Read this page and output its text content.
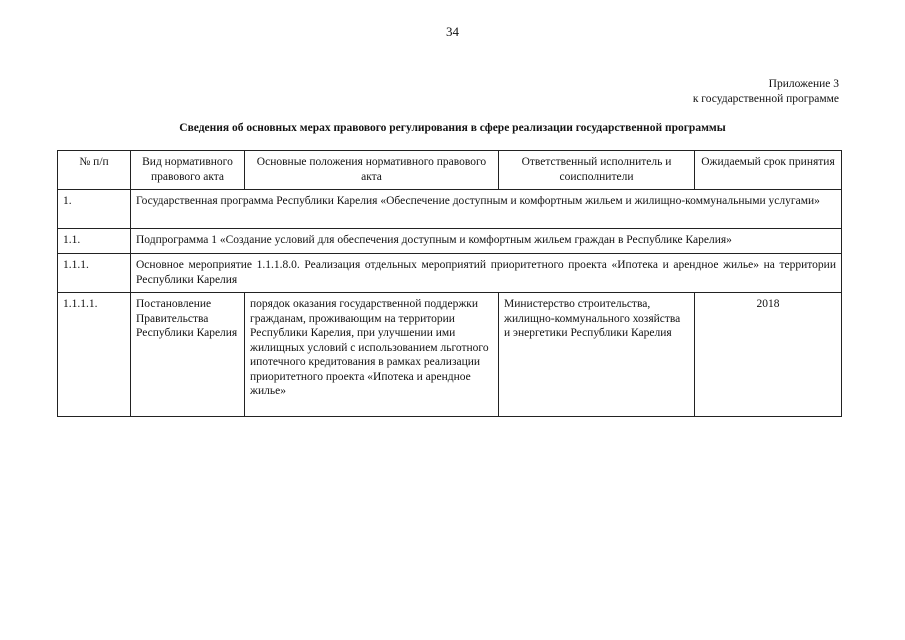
34
Приложение 3
к государственной программе
Сведения об основных мерах правового регулирования в сфере реализации государственной программы
№ п/п	Вид нормативного правового акта	Основные положения нормативного правового акта	Ответственный исполнитель и соисполнители	Ожидаемый срок принятия
1.	Государственная программа Республики Карелия «Обеспечение доступным и комфортным жильем и жилищно-коммунальными услугами»			
1.1.	Подпрограмма 1 «Создание условий для обеспечения доступным и комфортным жильем граждан в Республике Карелия»			
1.1.1.	Основное мероприятие 1.1.1.8.0. Реализация отдельных мероприятий приоритетного проекта «Ипотека и арендное жилье» на территории Республики Карелия			
1.1.1.1.	Постановление Правительства Республики Карелия	порядок оказания государственной поддержки гражданам, проживающим на территории Республики Карелия, при улучшении ими жилищных условий с использованием льготного ипотечного кредитования в рамках реализации приоритетного проекта «Ипотека и арендное жилье»	Министерство строительства, жилищно-коммунального хозяйства и энергетики Республики Карелия	2018
